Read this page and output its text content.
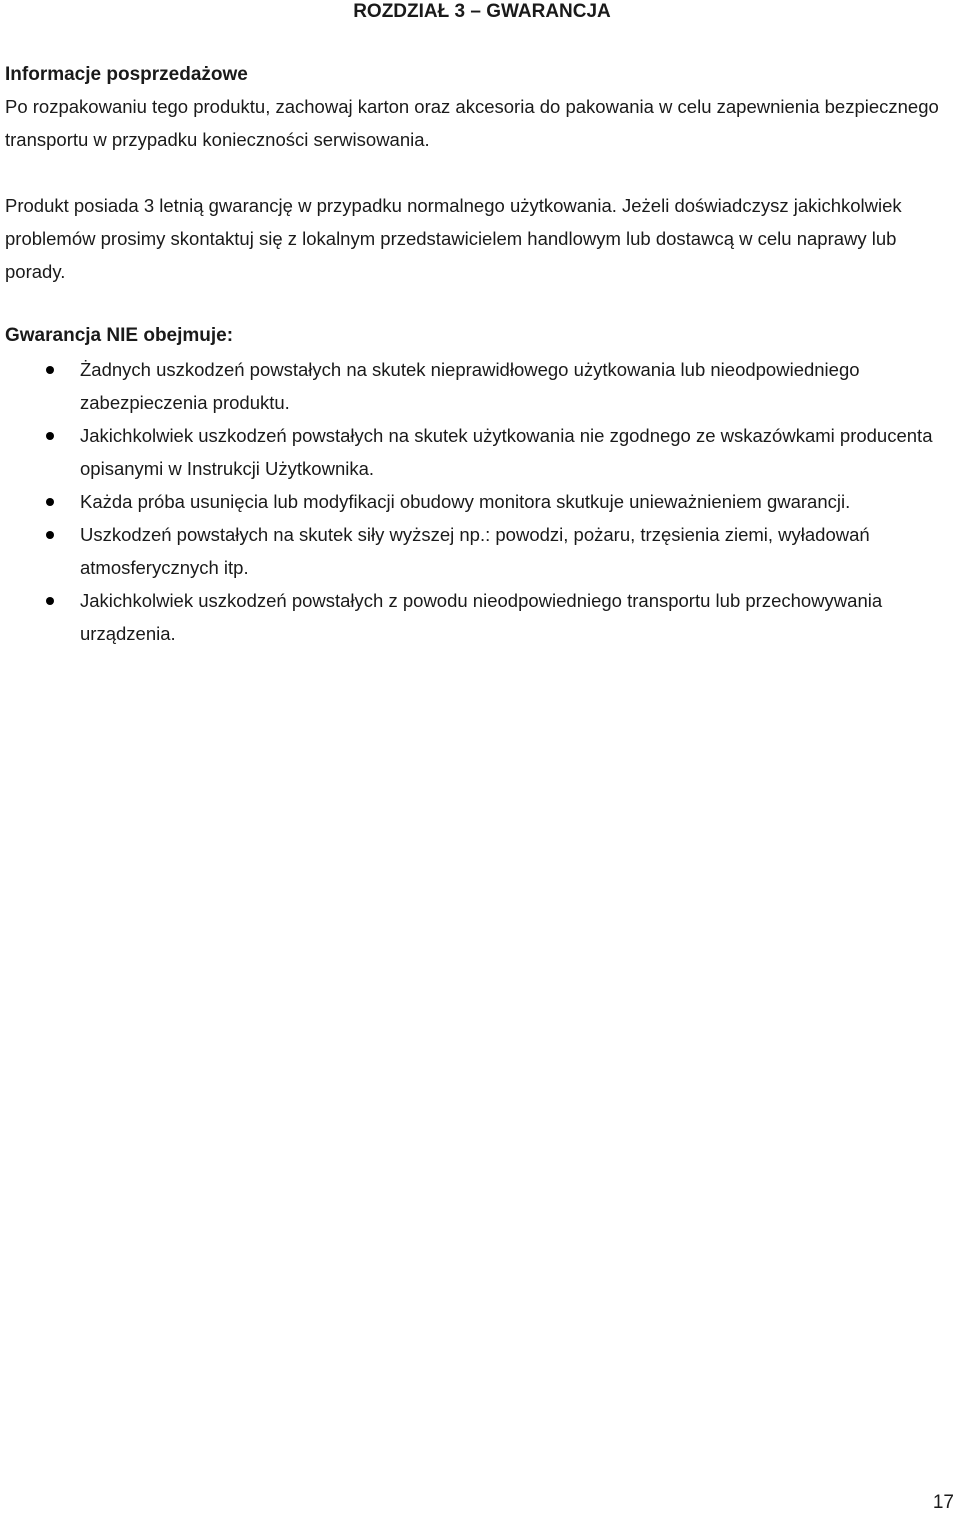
ROZDZIAŁ 3 – GWARANCJA
Informacje posprzedażowe

Po rozpakowaniu tego produktu, zachowaj karton oraz akcesoria do pakowania w celu zapewnienia bezpiecznego transportu w przypadku konieczności serwisowania.

Produkt posiada 3 letnią gwarancję w przypadku normalnego użytkowania. Jeżeli doświadczysz jakichkolwiek problemów prosimy skontaktuj się z lokalnym przedstawicielem handlowym lub dostawcą w celu naprawy lub porady.

Gwarancja NIE obejmuje:
Żadnych uszkodzeń powstałych na skutek nieprawidłowego użytkowania lub nieodpowiedniego zabezpieczenia produktu.
Jakichkolwiek uszkodzeń powstałych na skutek użytkowania nie zgodnego ze wskazówkami producenta opisanymi w Instrukcji Użytkownika.
Każda próba usunięcia lub modyfikacji obudowy monitora skutkuje unieważnieniem gwarancji.
Uszkodzeń powstałych na skutek siły wyższej np.: powodzi, pożaru, trzęsienia ziemi, wyładowań atmosferycznych itp.
Jakichkolwiek uszkodzeń powstałych z powodu nieodpowiedniego transportu lub przechowywania urządzenia.
17
